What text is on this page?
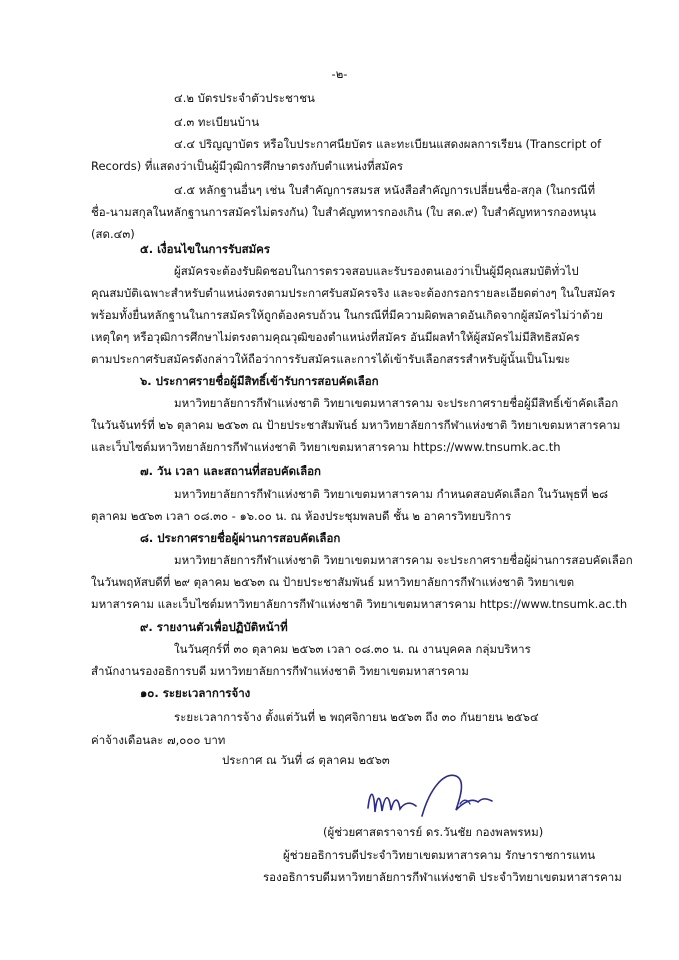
-๒-
๔.๒ บัตรประจำตัวประชาชน
๔.๓ ทะเบียนบ้าน
๔.๔ ปริญญาบัตร หรือใบประกาศนียบัตร และทะเบียนแสดงผลการเรียน (Transcript of
Records) ที่แสดงว่าเป็นผู้มีวุฒิการศึกษาตรงกับตำแหน่งที่สมัคร
๔.๕ หลักฐานอื่นๆ เช่น ใบสำคัญการสมรส หนังสือสำคัญการเปลี่ยนชื่อ-สกุล (ในกรณีที่
ชื่อ-นามสกุลในหลักฐานการสมัครไม่ตรงกัน) ใบสำคัญทหารกองเกิน (ใบ สด.๙) ใบสำคัญทหารกองหนุน
(สด.๔๓)
๕. เงื่อนไขในการรับสมัคร
ผู้สมัครจะต้องรับผิดชอบในการตรวจสอบและรับรองตนเองว่าเป็นผู้มีคุณสมบัติทั่วไป
คุณสมบัติเฉพาะสำหรับตำแหน่งตรงตามประกาศรับสมัครจริง และจะต้องกรอกรายละเอียดต่างๆ ในใบสมัคร
พร้อมทั้งยื่นหลักฐานในการสมัครให้ถูกต้องครบถ้วน ในกรณีที่มีความผิดพลาดอันเกิดจากผู้สมัครไม่ว่าด้วย
เหตุใดๆ หรือวุฒิการศึกษาไม่ตรงตามคุณวุฒิของตำแหน่งที่สมัคร อันมีผลทำให้ผู้สมัครไม่มีสิทธิสมัคร
ตามประกาศรับสมัครดังกล่าวให้ถือว่าการรับสมัครและการได้เข้ารับเลือกสรรสำหรับผู้นั้นเป็นโมฆะ
๖. ประกาศรายชื่อผู้มีสิทธิ์เข้ารับการสอบคัดเลือก
มหาวิทยาลัยการกีฬาแห่งชาติ วิทยาเขตมหาสารคาม จะประกาศรายชื่อผู้มีสิทธิ์เข้าคัดเลือก
ในวันจันทร์ที่ ๒๖ ตุลาคม ๒๕๖๓ ณ ป้ายประชาสัมพันธ์ มหาวิทยาลัยการกีฬาแห่งชาติ วิทยาเขตมหาสารคาม
และเว็บไซต์มหาวิทยาลัยการกีฬาแห่งชาติ วิทยาเขตมหาสารคาม https://www.tnsumk.ac.th
๗. วัน เวลา และสถานที่สอบคัดเลือก
มหาวิทยาลัยการกีฬาแห่งชาติ วิทยาเขตมหาสารคาม กำหนดสอบคัดเลือก ในวันพุธที่ ๒๘
ตุลาคม ๒๕๖๓ เวลา ๐๘.๓๐ - ๑๖.๐๐ น. ณ ห้องประชุมพลบดี ชั้น ๒ อาคารวิทยบริการ
๘. ประกาศรายชื่อผู้ผ่านการสอบคัดเลือก
มหาวิทยาลัยการกีฬาแห่งชาติ วิทยาเขตมหาสารคาม จะประกาศรายชื่อผู้ผ่านการสอบคัดเลือก
ในวันพฤหัสบดีที่ ๒๙ ตุลาคม ๒๕๖๓ ณ ป้ายประชาสัมพันธ์ มหาวิทยาลัยการกีฬาแห่งชาติ วิทยาเขต
มหาสารคาม และเว็บไซต์มหาวิทยาลัยการกีฬาแห่งชาติ วิทยาเขตมหาสารคาม https://www.tnsumk.ac.th
๙. รายงานตัวเพื่อปฏิบัติหน้าที่
ในวันศุกร์ที่ ๓๐ ตุลาคม ๒๕๖๓ เวลา ๐๘.๓๐ น. ณ งานบุคคล กลุ่มบริหาร
สำนักงานรองอธิการบดี มหาวิทยาลัยการกีฬาแห่งชาติ วิทยาเขตมหาสารคาม
๑๐. ระยะเวลาการจ้าง
ระยะเวลาการจ้าง ตั้งแต่วันที่ ๒ พฤศจิกายน ๒๕๖๓ ถึง ๓๐ กันยายน ๒๕๖๔
ค่าจ้างเดือนละ ๗,๐๐๐ บาท
ประกาศ ณ วันที่ ๘ ตุลาคม ๒๕๖๓
(ผู้ช่วยศาสตราจารย์ ดร.วันชัย กองพลพรหม)
ผู้ช่วยอธิการบดีประจำวิทยาเขตมหาสารคาม รักษาราชการแทน
รองอธิการบดีมหาวิทยาลัยการกีฬาแห่งชาติ ประจำวิทยาเขตมหาสารคาม
